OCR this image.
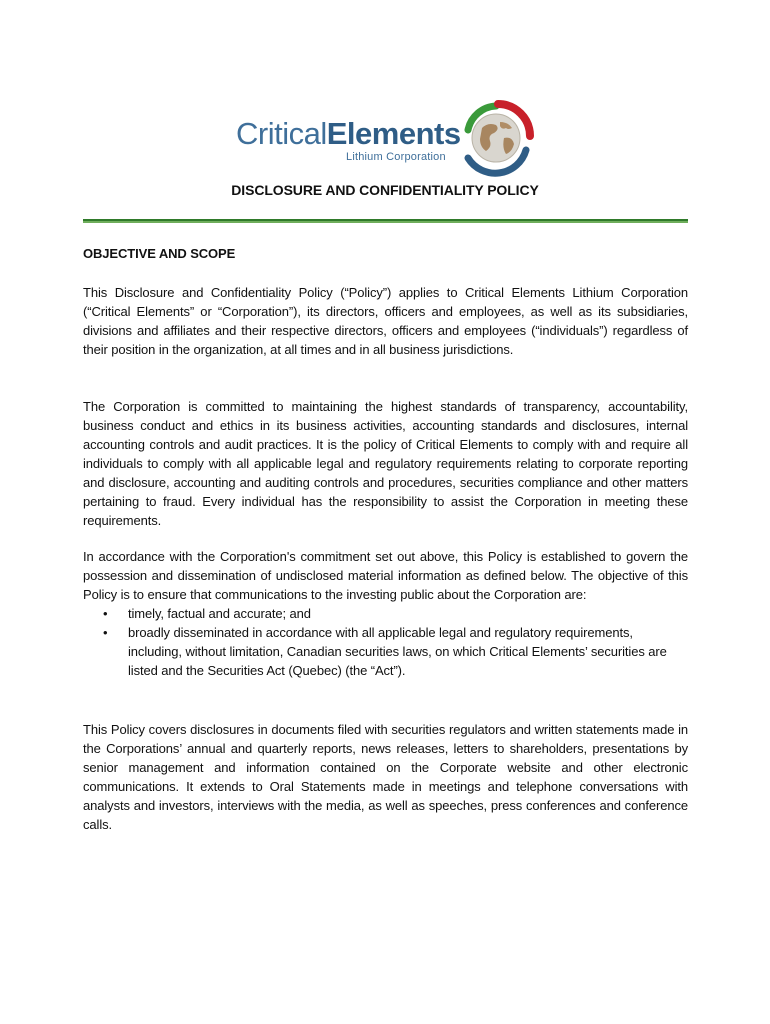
CriticalElements
Lithium Corporation
DISCLOSURE AND CONFIDENTIALITY POLICY
OBJECTIVE AND SCOPE
This Disclosure and Confidentiality Policy (“Policy”) applies to Critical Elements Lithium Corporation (“Critical Elements” or “Corporation”), its directors, officers and employees, as well as its subsidiaries, divisions and affiliates and their respective directors, officers and employees (“individuals”) regardless of their position in the organization, at all times and in all business jurisdictions.
The Corporation is committed to maintaining the highest standards of transparency, accountability, business conduct and ethics in its business activities, accounting standards and disclosures, internal accounting controls and audit practices. It is the policy of Critical Elements to comply with and require all individuals to comply with all applicable legal and regulatory requirements relating to corporate reporting and disclosure, accounting and auditing controls and procedures, securities compliance and other matters pertaining to fraud. Every individual has the responsibility to assist the Corporation in meeting these requirements.

In accordance with the Corporation's commitment set out above, this Policy is established to govern the possession and dissemination of undisclosed material information as defined below. The objective of this Policy is to ensure that communications to the investing public about the Corporation are:

• timely, factual and accurate; and
• broadly disseminated in accordance with all applicable legal and regulatory requirements, including, without limitation, Canadian securities laws, on which Critical Elements’ securities are listed and the Securities Act (Quebec) (the “Act”).
This Policy covers disclosures in documents filed with securities regulators and written statements made in the Corporations’ annual and quarterly reports, news releases, letters to shareholders, presentations by senior management and information contained on the Corporate website and other electronic communications. It extends to Oral Statements made in meetings and telephone conversations with analysts and investors, interviews with the media, as well as speeches, press conferences and conference calls.
